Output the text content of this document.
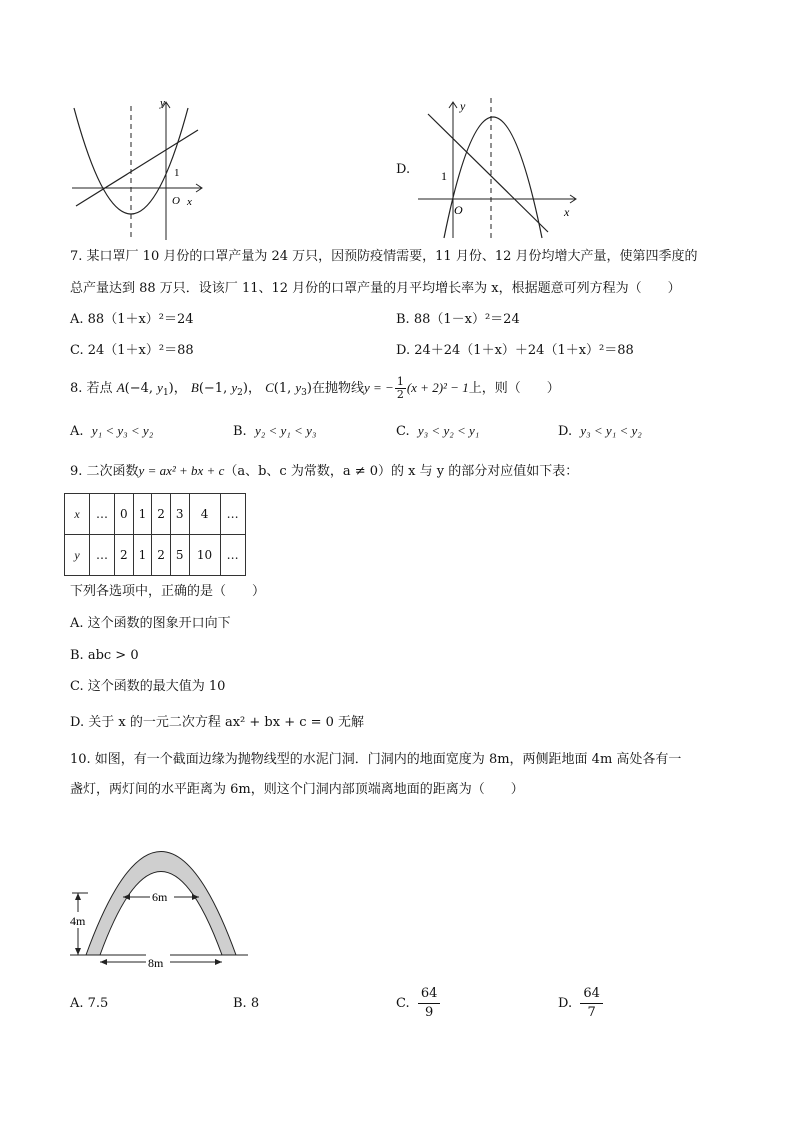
y
x
O
1	D.
y
x
O
1
7. 某口罩厂 10 月份的口罩产量为 24 万只，因预防疫情需要，11 月份、12 月份均增大产量，使第四季度的
总产量达到 88 万只．设该厂 11、12 月份的口罩产量的月平均增长率为 x，根据题意可列方程为（　　）
A. 88（1＋x）²＝24	B. 88（1－x）²＝24
C. 24（1＋x）²＝88	D. 24＋24（1＋x）＋24（1＋x）²＝88
8. 若点 A(−4, $y_1$)， B(−1, $y_2$)， C(1, $y_3$)在抛物线y = − $\frac{1}{2} (x + 2)^2 - 1$上，则（　　）
A. y₁ < y₃ < y₂	B. y₂ < y₁ < y₃	C. y₃ < y₂ < y₁	D. y₃ < y₁ < y₂
9. 二次函数y = ax² + bx + c（a、b、c 为常数，a ≠ 0）的 x 与 y 的部分对应值如下表：
x	…	0	1	2	3	4	…
y	…	2	1	2	5	10	…
下列各选项中，正确的是（　　）
A. 这个函数的图象开口向下
B. abc > 0
C. 这个函数的最大值为 10
D. 关于 x 的一元二次方程 ax² + bx + c = 0 无解
10. 如图，有一个截面边缘为抛物线型的水泥门洞．门洞内的地面宽度为 8m，两侧距地面 4m 高处各有一
盏灯，两灯间的水平距离为 6m，则这个门洞内部顶端离地面的距离为（　　）
4m
6m
8m
A. 7.5	B. 8	C. $\frac{64}{9}$	D. $\frac{64}{7}$
